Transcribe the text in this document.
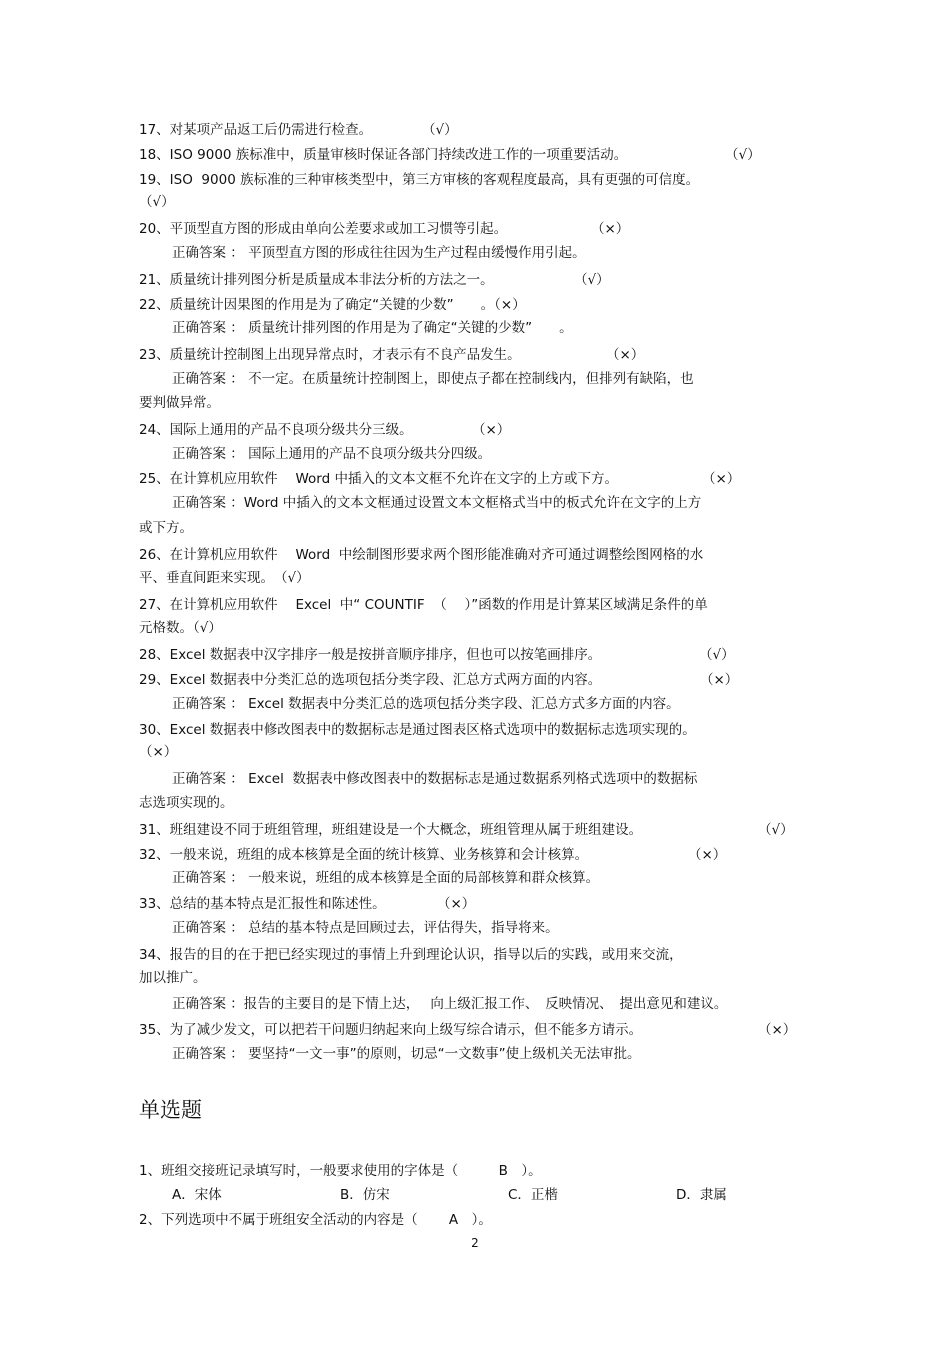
17、对某项产品返工后仍需进行检查。	（√）
18、ISO 9000 族标准中，质量审核时保证各部门持续改进工作的一项重要活动。	（√）
19、ISO  9000 族标准的三种审核类型中，第三方审核的客观程度最高，具有更强的可信度。
（√）
20、平顶型直方图的形成由单向公差要求或加工习惯等引起。	（×）
正确答案 ： 平顶型直方图的形成往往因为生产过程由缓慢作用引起。
21、质量统计排列图分析是质量成本非法分析的方法之一。	（√）
22、质量统计因果图的作用是为了确定“关键的少数”　　。（×）
正确答案 ： 质量统计排列图的作用是为了确定“关键的少数”　　。
23、质量统计控制图上出现异常点时，才表示有不良产品发生。	（×）
正确答案 ： 不一定。在质量统计控制图上，即使点子都在控制线内，但排列有缺陷，也
要判做异常。
24、国际上通用的产品不良项分级共分三级。	（×）
正确答案 ： 国际上通用的产品不良项分级共分四级。
25、在计算机应用软件　 Word 中插入的文本文框不允许在文字的上方或下方。	（×）
正确答案 ：Word 中插入的文本文框通过设置文本文框格式当中的板式允许在文字的上方
或下方。
26、在计算机应用软件　 Word  中绘制图形要求两个图形能准确对齐可通过调整绘图网格的水
平、垂直间距来实现。　（√）
27、在计算机应用软件　 Excel  中“ COUNTIF  （　 ）”函数的作用是计算某区域满足条件的单
元格数。（√）
28、Excel 数据表中汉字排序一般是按拼音顺序排序，但也可以按笔画排序。	（√）
29、Excel 数据表中分类汇总的选项包括分类字段、汇总方式两方面的内容。	（×）
正确答案 ： Excel 数据表中分类汇总的选项包括分类字段、汇总方式多方面的内容。
30、Excel 数据表中修改图表中的数据标志是通过图表区格式选项中的数据标志选项实现的。
（×）
正确答案 ： Excel  数据表中修改图表中的数据标志是通过数据系列格式选项中的数据标
志选项实现的。
31、班组建设不同于班组管理，班组建设是一个大概念，班组管理从属于班组建设。	（√）
32、一般来说，班组的成本核算是全面的统计核算、业务核算和会计核算。	（×）
正确答案 ： 一般来说，班组的成本核算是全面的局部核算和群众核算。
33、总结的基本特点是汇报性和陈述性。	（×）
正确答案 ： 总结的基本特点是回顾过去，评估得失，指导将来。
34、报告的目的在于把已经实现过的事情上升到理论认识，指导以后的实践，或用来交流，
加以推广。
正确答案 ：报告的主要目的是下情上达，　 向上级汇报工作、　反映情况、　提出意见和建议。
35、为了减少发文，可以把若干问题归纳起来向上级写综合请示，但不能多方请示。	（×）
正确答案 ： 要坚持“一文一事”的原则，切忌“一文数事”使上级机关无法审批。
单选题
1、班组交接班记录填写时，一般要求使用的字体是（　　　B　）。
A．宋体	B．仿宋	C．正楷	D．隶属
2、下列选项中不属于班组安全活动的内容是（　　 A　）。
2
